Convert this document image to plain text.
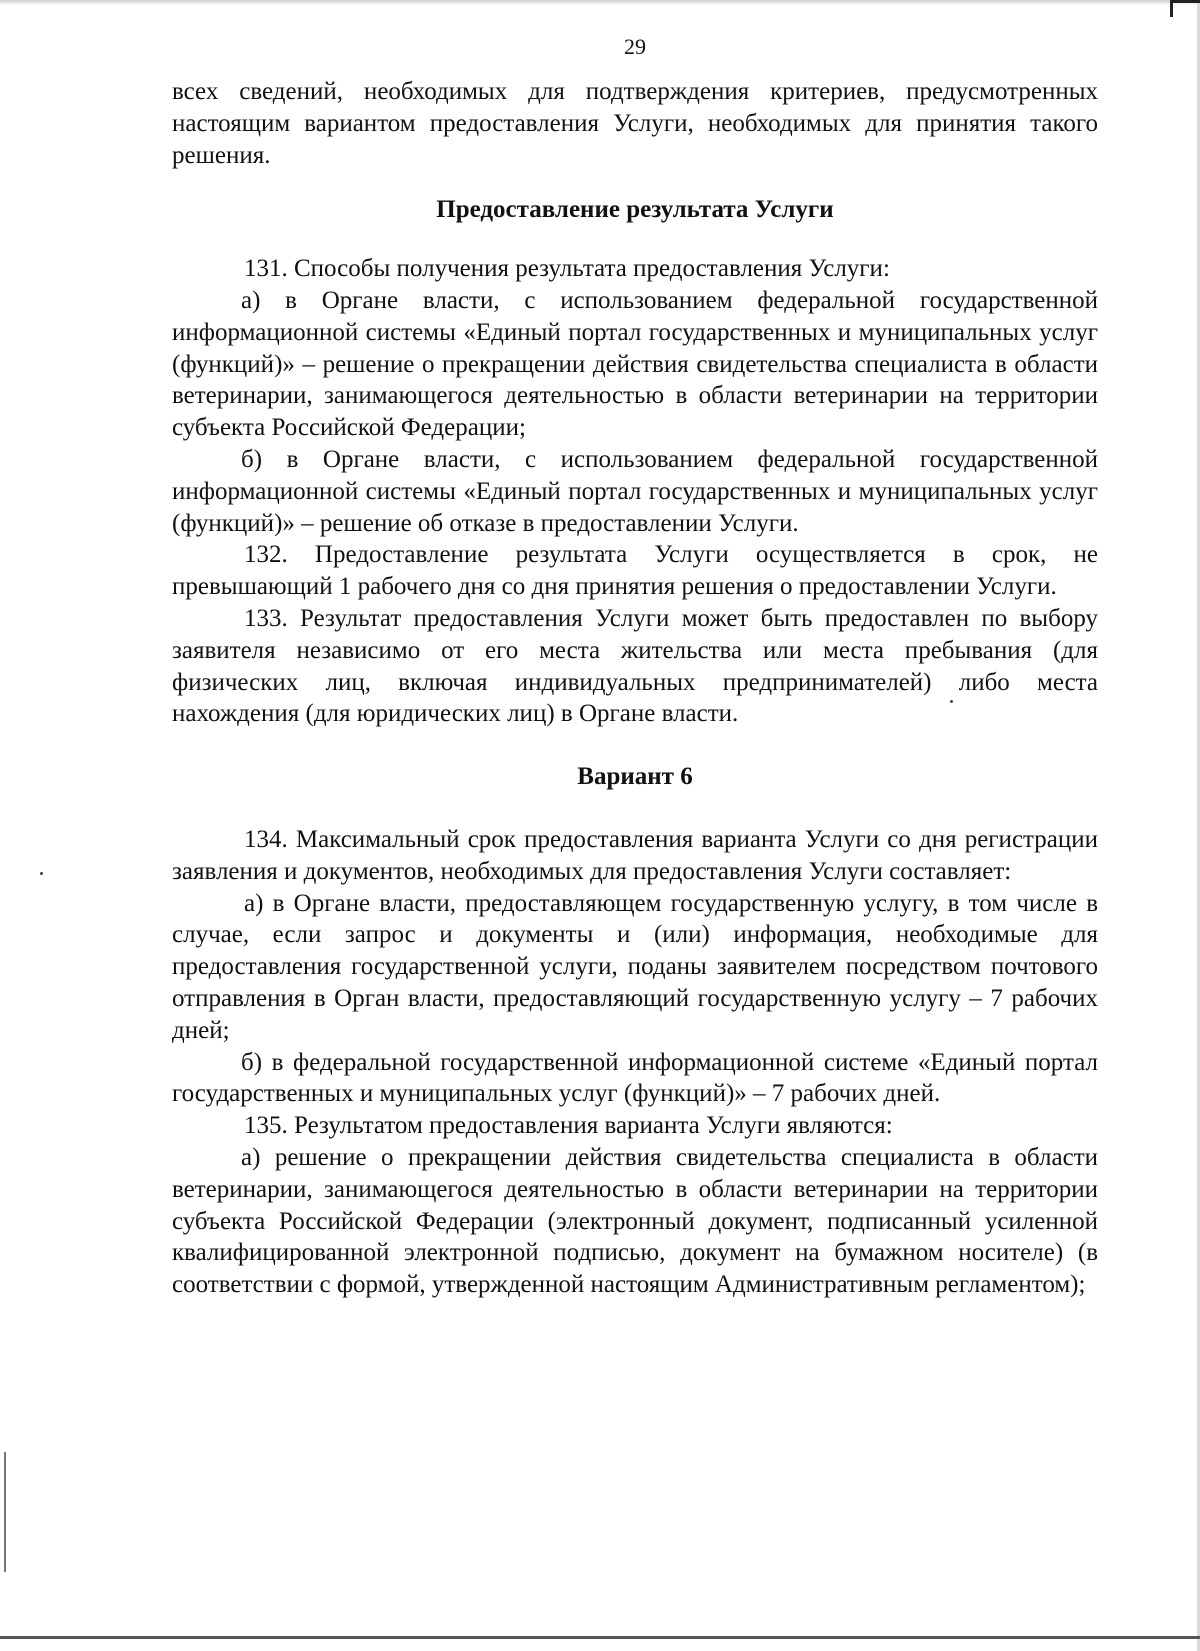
29

всех сведений, необходимых для подтверждения критериев, предусмотренных настоящим вариантом предоставления Услуги, необходимых для принятия такого решения.

Предоставление результата Услуги

131. Способы получения результата предоставления Услуги:

а) в Органе власти, с использованием федеральной государственной информационной системы «Единый портал государственных и муниципальных услуг (функций)» – решение о прекращении действия свидетельства специалиста в области ветеринарии, занимающегося деятельностью в области ветеринарии на территории субъекта Российской Федерации;

б) в Органе власти, с использованием федеральной государственной информационной системы «Единый портал государственных и муниципальных услуг (функций)» – решение об отказе в предоставлении Услуги.

132. Предоставление результата Услуги осуществляется в срок, не превышающий 1 рабочего дня со дня принятия решения о предоставлении Услуги.

133. Результат предоставления Услуги может быть предоставлен по выбору заявителя независимо от его места жительства или места пребывания (для физических лиц, включая индивидуальных предпринимателей) либо места нахождения (для юридических лиц) в Органе власти.

Вариант 6

134. Максимальный срок предоставления варианта Услуги со дня регистрации заявления и документов, необходимых для предоставления Услуги составляет:

а) в Органе власти, предоставляющем государственную услугу, в том числе в случае, если запрос и документы и (или) информация, необходимые для предоставления государственной услуги, поданы заявителем посредством почтового отправления в Орган власти, предоставляющий государственную услугу – 7 рабочих дней;

б) в федеральной государственной информационной системе «Единый портал государственных и муниципальных услуг (функций)» – 7 рабочих дней.

135. Результатом предоставления варианта Услуги являются:

а) решение о прекращении действия свидетельства специалиста в области ветеринарии, занимающегося деятельностью в области ветеринарии на территории субъекта Российской Федерации (электронный документ, подписанный усиленной квалифицированной электронной подписью, документ на бумажном носителе) (в соответствии с формой, утвержденной настоящим Административным регламентом);
